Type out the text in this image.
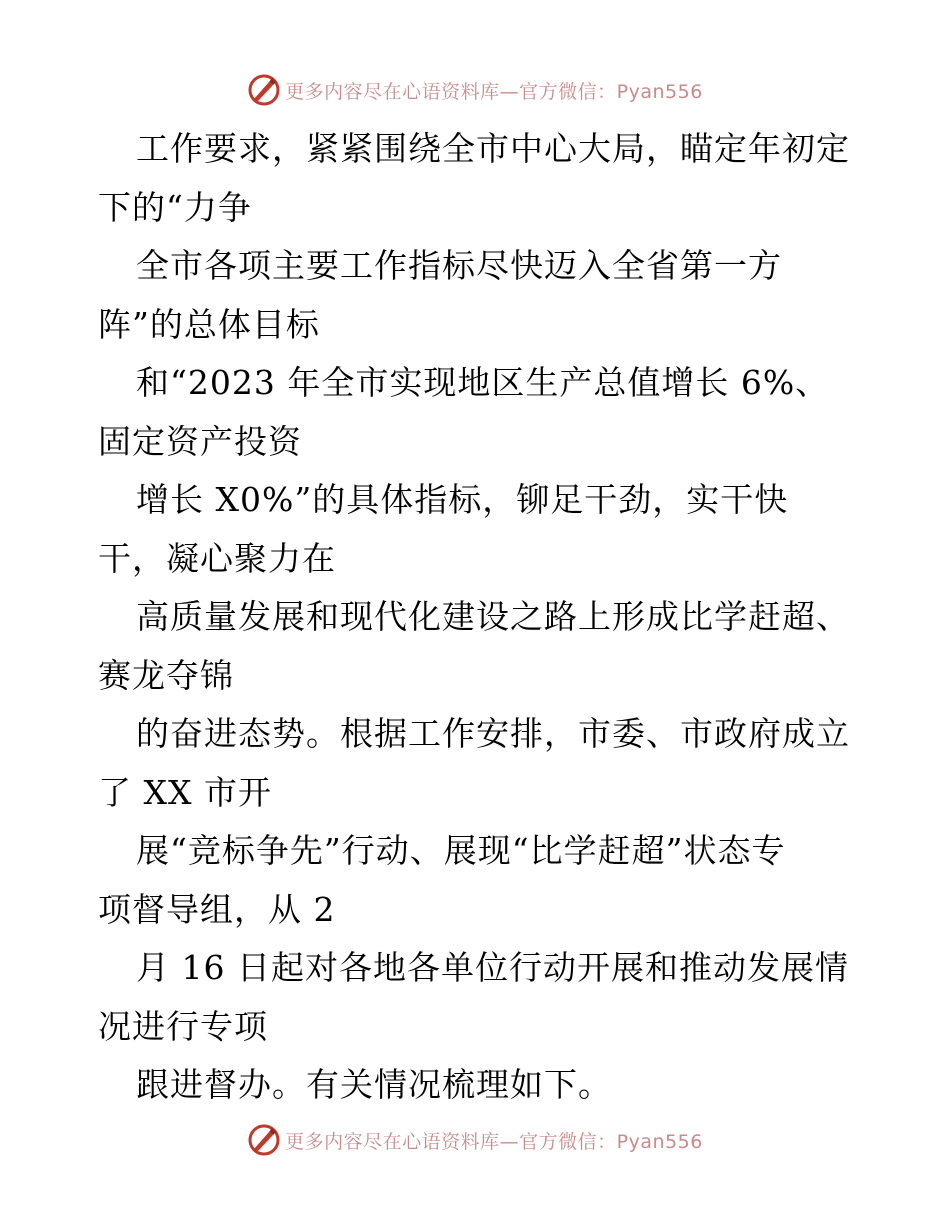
更多内容尽在心语资料库—官方微信：Pyan556
工作要求，紧紧围绕全市中心大局，瞄定年初定
下的“力争
全市各项主要工作指标尽快迈入全省第一方
阵”的总体目标
和“2023 年全市实现地区生产总值增长 6%、
固定资产投资
增长 X0%”的具体指标，铆足干劲，实干快
干，凝心聚力在
高质量发展和现代化建设之路上形成比学赶超、
赛龙夺锦
的奋进态势。根据工作安排，市委、市政府成立
了 XX 市开
展“竞标争先”行动、展现“比学赶超”状态专
项督导组，从 2
月 16 日起对各地各单位行动开展和推动发展情
况进行专项
跟进督办。有关情况梳理如下。
更多内容尽在心语资料库—官方微信：Pyan556
